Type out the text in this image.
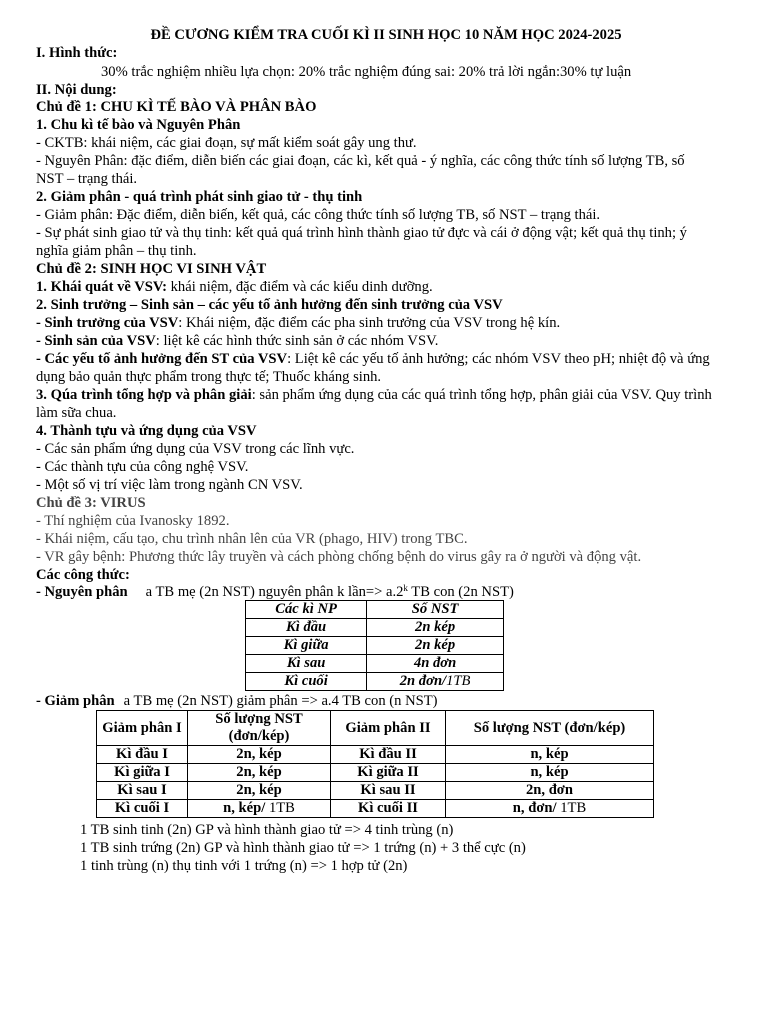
ĐỀ CƯƠNG KIỂM TRA CUỐI KÌ II SINH HỌC 10 NĂM HỌC 2024-2025
I. Hình thức:
30% trắc nghiệm nhiều lựa chọn: 20% trắc nghiệm đúng sai: 20% trả lời ngắn:30% tự luận
II. Nội dung:
Chủ đề 1: CHU KÌ TẾ BÀO VÀ PHÂN BÀO
1. Chu kì tế bào và Nguyên Phân
- CKTB: khái niệm, các giai đoạn, sự mất kiểm soát gây ung thư.
- Nguyên Phân: đặc điểm, diễn biến các giai đoạn, các kì, kết quả - ý nghĩa, các công thức tính số lượng TB, số NST – trạng thái.
2. Giảm phân - quá trình phát sinh giao tử - thụ tinh
- Giảm phân: Đặc điểm, diễn biến, kết quả, các công thức tính số lượng TB, số NST – trạng thái.
- Sự phát sinh giao tử và thụ tinh: kết quả quá trình hình thành giao tử đực và cái ở động vật; kết quả thụ tinh; ý nghĩa giảm phân – thụ tinh.
Chủ đề 2: SINH HỌC VI SINH VẬT
1. Khái quát về VSV: khái niệm, đặc điểm và các kiểu dinh dưỡng.
2. Sinh trưởng – Sinh sản – các yếu tố ảnh hưởng đến sinh trưởng của VSV
- Sinh trưởng của VSV: Khái niệm, đặc điểm các pha sinh trưởng của VSV trong hệ kín.
- Sinh sản của VSV: liệt kê các hình thức sinh sản ở các nhóm VSV.
- Các yếu tố ảnh hưởng đến ST của VSV: Liệt kê các yếu tố ảnh hưởng; các nhóm VSV theo pH; nhiệt độ và ứng dụng bảo quản thực phẩm trong thực tế; Thuốc kháng sinh.
3. Qúa trình tổng hợp và phân giải: sản phẩm ứng dụng của các quá trình tổng hợp, phân giải của VSV. Quy trình làm sữa chua.
4. Thành tựu và ứng dụng của VSV
- Các sản phẩm ứng dụng của VSV trong các lĩnh vực.
- Các thành tựu của công nghệ VSV.
- Một số vị trí việc làm trong ngành CN VSV.
Chủ đề 3: VIRUS
- Thí nghiệm của Ivanosky 1892.
- Khái niệm, cấu tạo, chu trình nhân lên của VR (phago, HIV) trong TBC.
- VR gây bệnh: Phương thức lây truyền và cách phòng chống bệnh do virus gây ra ở người và động vật.
Các công thức:
- Nguyên phân a TB mẹ (2n NST) nguyên phân k lần=> $a.2^k$ TB con (2n NST)
Các kì NP	Số NST
Kì đầu	2n kép
Kì giữa	2n kép
Kì sau	4n đơn
Kì cuối	2n đơn/1TB
- Giảm phân a TB mẹ (2n NST) giảm phân => a.4 TB con (n NST)
Giảm phân I	Số lượng NST (đơn/kép)	Giảm phân II	Số lượng NST (đơn/kép)
Kì đầu I	2n, kép	Kì đầu II	n, kép
Kì giữa I	2n, kép	Kì giữa II	n, kép
Kì sau I	2n, kép	Kì sau II	2n, đơn
Kì cuối I	n, kép/ 1TB	Kì cuối II	n, đơn/ 1TB
1 TB sinh tinh (2n) GP và hình thành giao tử => 4 tinh trùng (n)
1 TB sinh trứng (2n) GP và hình thành giao tử => 1 trứng (n) + 3 thể cực (n)
1 tinh trùng (n) thụ tinh với 1 trứng (n) => 1 hợp tử (2n)
